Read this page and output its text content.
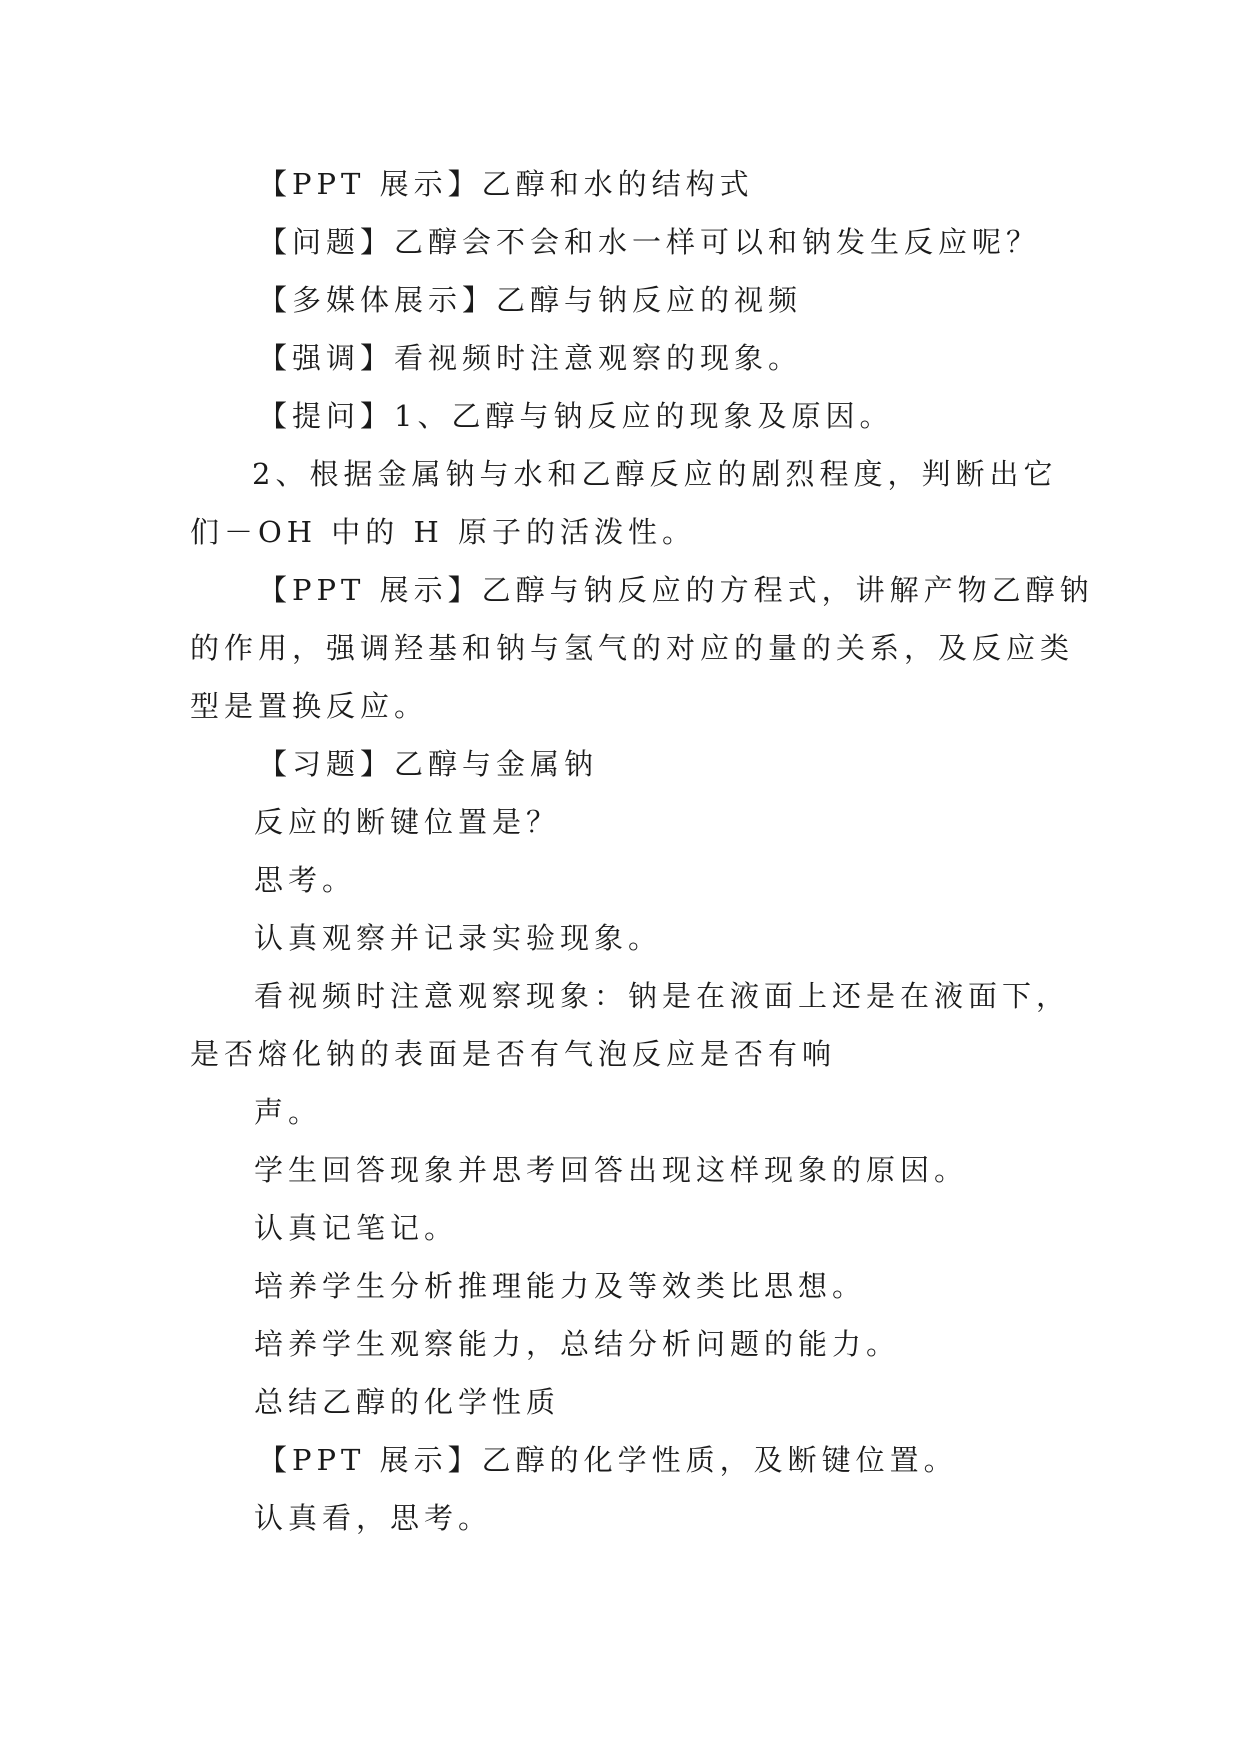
【PPT 展示】乙醇和水的结构式
【问题】乙醇会不会和水一样可以和钠发生反应呢？
【多媒体展示】乙醇与钠反应的视频
【强调】看视频时注意观察的现象。
【提问】1、乙醇与钠反应的现象及原因。
2、根据金属钠与水和乙醇反应的剧烈程度，判断出它
们－OH 中的 H 原子的活泼性。
【PPT 展示】乙醇与钠反应的方程式，讲解产物乙醇钠
的作用，强调羟基和钠与氢气的对应的量的关系，及反应类
型是置换反应。
【习题】乙醇与金属钠
反应的断键位置是？
思考。
认真观察并记录实验现象。
看视频时注意观察现象：钠是在液面上还是在液面下，
是否熔化钠的表面是否有气泡反应是否有响
声。
学生回答现象并思考回答出现这样现象的原因。
认真记笔记。
培养学生分析推理能力及等效类比思想。
培养学生观察能力，总结分析问题的能力。
总结乙醇的化学性质
【PPT 展示】乙醇的化学性质，及断键位置。
认真看，思考。
